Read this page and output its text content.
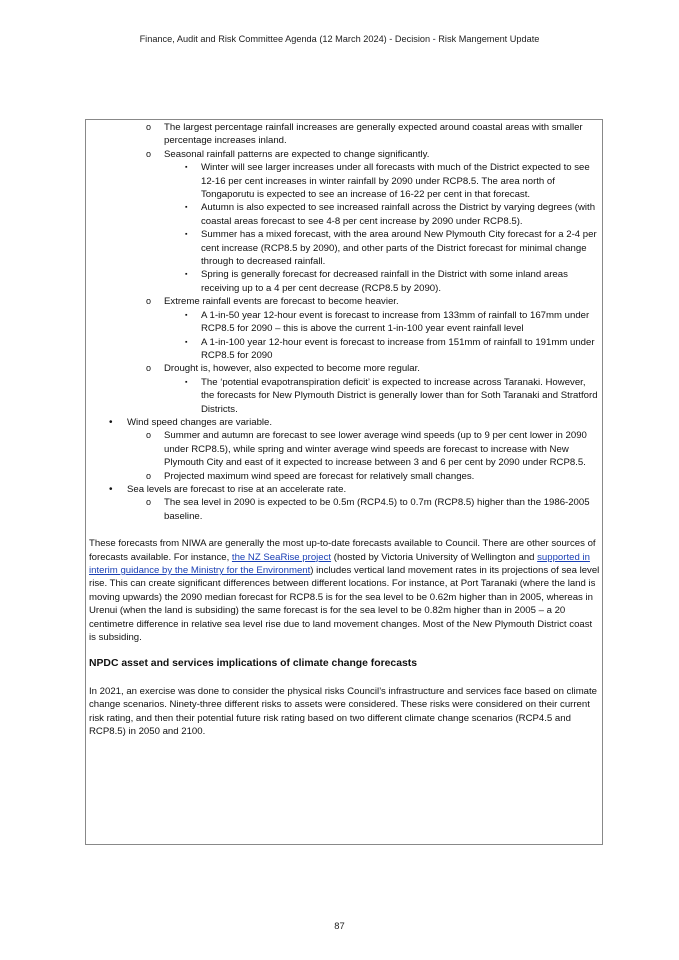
Finance, Audit and Risk Committee Agenda (12 March 2024) - Decision - Risk Mangement Update
o The largest percentage rainfall increases are generally expected around coastal areas with smaller percentage increases inland.
o Seasonal rainfall patterns are expected to change significantly.
▪ Winter will see larger increases under all forecasts with much of the District expected to see 12-16 per cent increases in winter rainfall by 2090 under RCP8.5. The area north of Tongaporutu is expected to see an increase of 16-22 per cent in that forecast.
▪ Autumn is also expected to see increased rainfall across the District by varying degrees (with coastal areas forecast to see 4-8 per cent increase by 2090 under RCP8.5).
▪ Summer has a mixed forecast, with the area around New Plymouth City forecast for a 2-4 per cent increase (RCP8.5 by 2090), and other parts of the District forecast for minimal change through to decreased rainfall.
▪ Spring is generally forecast for decreased rainfall in the District with some inland areas receiving up to a 4 per cent decrease (RCP8.5 by 2090).
o Extreme rainfall events are forecast to become heavier.
▪ A 1-in-50 year 12-hour event is forecast to increase from 133mm of rainfall to 167mm under RCP8.5 for 2090 – this is above the current 1-in-100 year event rainfall level
▪ A 1-in-100 year 12-hour event is forecast to increase from 151mm of rainfall to 191mm under RCP8.5 for 2090
o Drought is, however, also expected to become more regular.
▪ The ‘potential evapotranspiration deficit’ is expected to increase across Taranaki. However, the forecasts for New Plymouth District is generally lower than for Soth Taranaki and Stratford Districts.
• Wind speed changes are variable.
o Summer and autumn are forecast to see lower average wind speeds (up to 9 per cent lower in 2090 under RCP8.5), while spring and winter average wind speeds are forecast to increase with New Plymouth City and east of it expected to increase between 3 and 6 per cent by 2090 under RCP8.5.
o Projected maximum wind speed are forecast for relatively small changes.
• Sea levels are forecast to rise at an accelerate rate.
o The sea level in 2090 is expected to be 0.5m (RCP4.5) to 0.7m (RCP8.5) higher than the 1986-2005 baseline.
These forecasts from NIWA are generally the most up-to-date forecasts available to Council. There are other sources of forecasts available. For instance, the NZ SeaRise project (hosted by Victoria University of Wellington and supported in interim guidance by the Ministry for the Environment) includes vertical land movement rates in its projections of sea level rise. This can create significant differences between different locations. For instance, at Port Taranaki (where the land is moving upwards) the 2090 median forecast for RCP8.5 is for the sea level to be 0.62m higher than in 2005, whereas in Urenui (when the land is subsiding) the same forecast is for the sea level to be 0.82m higher than in 2005 – a 20 centimetre difference in relative sea level rise due to land movement changes. Most of the New Plymouth District coast is subsiding.
NPDC asset and services implications of climate change forecasts
In 2021, an exercise was done to consider the physical risks Council’s infrastructure and services face based on climate change scenarios. Ninety-three different risks to assets were considered. These risks were considered on their current risk rating, and then their potential future risk rating based on two different climate change scenarios (RCP4.5 and RCP8.5) in 2050 and 2100.
87
